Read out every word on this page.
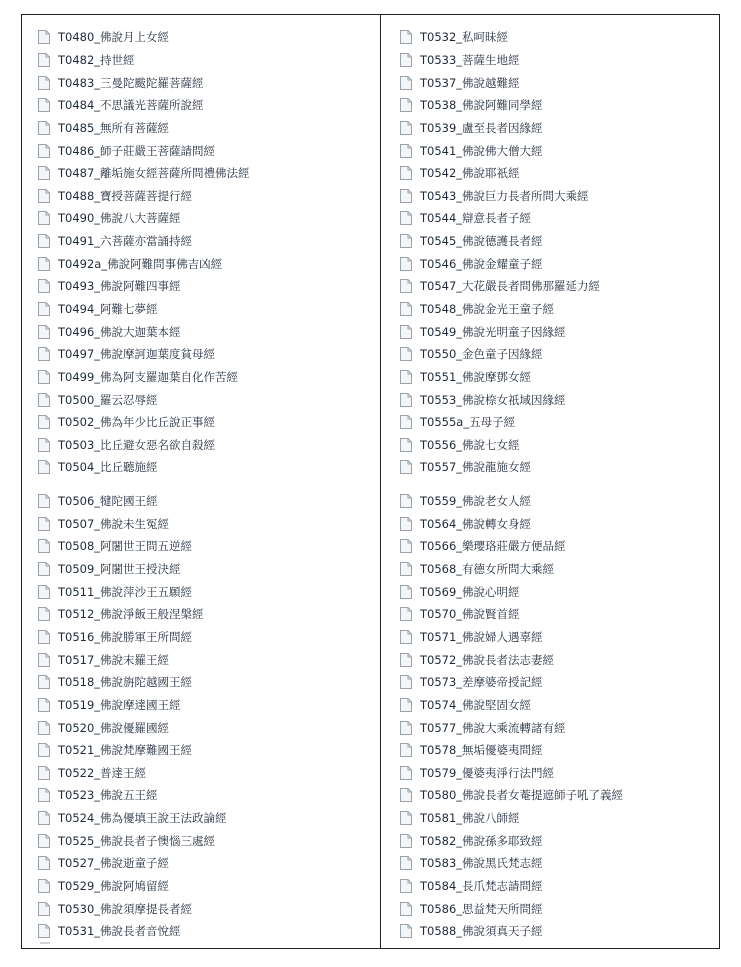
T0480_佛說月上女經
T0482_持世經
T0483_三曼陀颰陀羅菩薩經
T0484_不思議光菩薩所說經
T0485_無所有菩薩經
T0486_師子莊嚴王菩薩請問經
T0487_離垢施女經菩薩所問禮佛法經
T0488_寶授菩薩菩提行經
T0490_佛說八大菩薩經
T0491_六菩薩亦當誦持經
T0492a_佛說阿難問事佛吉凶經
T0493_佛說阿難四事經
T0494_阿難七夢經
T0496_佛說大迦葉本經
T0497_佛說摩訶迦葉度貧母經
T0499_佛為阿支羅迦葉自化作苦經
T0500_羅云忍辱經
T0502_佛為年少比丘說正事經
T0503_比丘避女惡名欲自殺經
T0504_比丘聽施經
T0506_犍陀國王經
T0507_佛說未生冤經
T0508_阿闍世王問五逆經
T0509_阿闍世王授決經
T0511_佛說萍沙王五願經
T0512_佛說淨飯王般涅槃經
T0516_佛說勝軍王所問經
T0517_佛說末羅王經
T0518_佛說旃陀越國王經
T0519_佛說摩達國王經
T0520_佛說優羅國經
T0521_佛說梵摩難國王經
T0522_普達王經
T0523_佛說五王經
T0524_佛為優填王說王法政論經
T0525_佛說長者子懊惱三處經
T0527_佛說逝童子經
T0529_佛說阿鳩留經
T0530_佛說須摩提長者經
T0531_佛說長者音悅經
T0532_私呵昧經
T0533_菩薩生地經
T0537_佛說越難經
T0538_佛說阿難同學經
T0539_盧至長者因緣經
T0541_佛說佛大僧大經
T0542_佛說耶祇經
T0543_佛說巨力長者所問大乘經
T0544_辯意長者子經
T0545_佛說德護長者經
T0546_佛說金耀童子經
T0547_大花嚴長者問佛那羅延力經
T0548_佛說金光王童子經
T0549_佛說光明童子因緣經
T0550_金色童子因緣經
T0551_佛說摩鄧女經
T0553_佛說㮈女祇域因緣經
T0555a_五母子經
T0556_佛說七女經
T0557_佛說龍施女經
T0559_佛說老女人經
T0564_佛說轉女身經
T0566_樂瓔珞莊嚴方便品經
T0568_有德女所問大乘經
T0569_佛說心明經
T0570_佛說賢首經
T0571_佛說婦人遇辜經
T0572_佛說長者法志妻經
T0573_差摩婆帝授記經
T0574_佛說堅固女經
T0577_佛說大乘流轉諸有經
T0578_無垢優婆夷問經
T0579_優婆夷淨行法門經
T0580_佛說長者女菴提遮師子吼了義經
T0581_佛說八師經
T0582_佛說孫多耶致經
T0583_佛說黑氏梵志經
T0584_長爪梵志請問經
T0586_思益梵天所問經
T0588_佛說須真天子經
